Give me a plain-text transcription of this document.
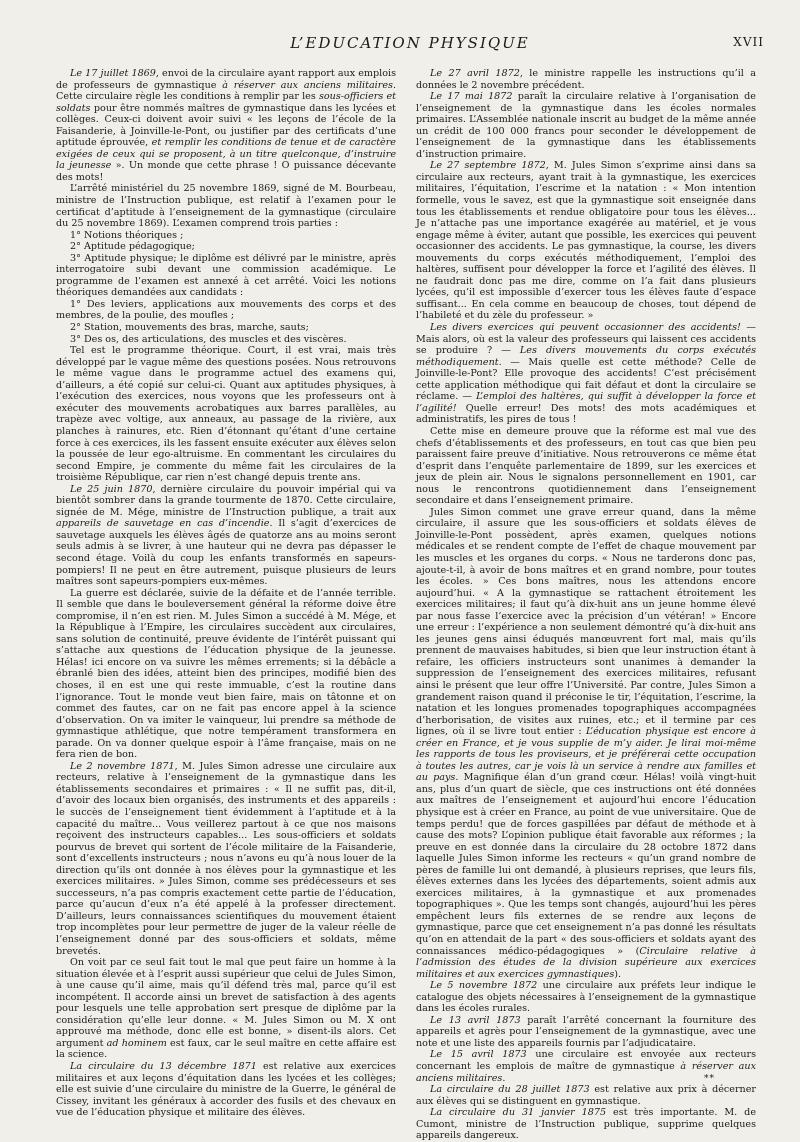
L’EDUCATION PHYSIQUE	XVII

Le 17 juillet 1869, envoi de la circulaire ayant rapport aux emplois de professeurs de gymnastique à réserver aux anciens militaires. Cette circulaire règle les conditions à remplir par les sous-officiers et soldats pour être nommés maîtres de gymnastique dans les lycées et collèges. Ceux-ci doivent avoir suivi « les leçons de l’école de la Faisanderie, à Joinville-le-Pont, ou justifier par des certificats d’une aptitude éprouvée, et remplir les conditions de tenue et de caractère exigées de ceux qui se proposent, à un titre quelconque, d’instruire la jeunesse ». Un monde que cette phrase ! O puissance décevante des mots!

L’arrêté ministériel du 25 novembre 1869, signé de M. Bourbeau, ministre de l’Instruction publique, est relatif à l’examen pour le certificat d’aptitude à l’enseignement de la gymnastique (circulaire du 25 novembre 1869). L’examen comprend trois parties :

1° Notions théoriques ;

2° Aptitude pédagogique;

3° Aptitude physique; le diplôme est délivré par le ministre, après interrogatoire subi devant une commission académique. Le programme de l’examen est annexé à cet arrêté. Voici les notions théoriques demandées aux candidats :

1° Des leviers, applications aux mouvements des corps et des membres, de la poulie, des moufles ;

2° Station, mouvements des bras, marche, sauts;

3° Des os, des articulations, des muscles et des viscères.

Tel est le programme théorique. Court, il est vrai, mais très développé par le vague même des questions posées. Nous retrouvons le même vague dans le programme actuel des examens qui, d’ailleurs, a été copié sur celui-ci. Quant aux aptitudes physiques, à l’exécution des exercices, nous voyons que les professeurs ont à exécuter des mouvements acrobatiques aux barres parallèles, au trapèze avec voltige, aux anneaux, au passage de la rivière, aux planches à rainures, etc. Rien d’étonnant qu’étant d’une certaine force à ces exercices, ils les fassent ensuite exécuter aux élèves selon la poussée de leur ego-altruisme. En commentant les circulaires du second Empire, je commente du même fait les circulaires de la troisième République, car rien n’est changé depuis trente ans.

Le 25 juin 1870, dernière circulaire du pouvoir impérial qui va bientôt sombrer dans la grande tourmente de 1870. Cette circulaire, signée de M. Mége, ministre de l’Instruction publique, a trait aux appareils de sauvetage en cas d’incendie. Il s’agit d’exercices de sauvetage auxquels les élèves âgés de quatorze ans au moins seront seuls admis à se livrer, à une hauteur qui ne devra pas dépasser le second étage. Voilà du coup les enfants transformés en sapeurs-pompiers! Il ne peut en être autrement, puisque plusieurs de leurs maîtres sont sapeurs-pompiers eux-mêmes.

La guerre est déclarée, suivie de la défaite et de l’année terrible. Il semble que dans le bouleversement général la réforme doive être compromise, il n’en est rien. M. Jules Simon a succédé à M. Mége, et la République à l’Empire, les circulaires succèdent aux circulaires, sans solution de continuité, preuve évidente de l’intérêt puissant qui s’attache aux questions de l’éducation physique de la jeunesse. Hélas! ici encore on va suivre les mêmes errements; si la débâcle a ébranlé bien des idées, atteint bien des principes, modifié bien des choses, il en est une qui reste immuable, c’est la routine dans l’ignorance. Tout le monde veut bien faire, mais on tâtonne et on commet des fautes, car on ne fait pas encore appel à la science d’observation. On va imiter le vainqueur, lui prendre sa méthode de gymnastique athlétique, que notre tempérament transformera en parade. On va donner quelque espoir à l’âme française, mais on ne fera rien de bon.

Le 2 novembre 1871, M. Jules Simon adresse une circulaire aux recteurs, relative à l’enseignement de la gymnastique dans les établissements secondaires et primaires : « Il ne suffit pas, dit-il, d’avoir des locaux bien organisés, des instruments et des appareils : le succès de l’enseignement tient évidemment à l’aptitude et à la capacité du maître... Vous veillerez partout à ce que nos maisons reçoivent des instructeurs capables... Les sous-officiers et soldats pourvus de brevet qui sortent de l’école militaire de la Faisanderie, sont d’excellents instructeurs ; nous n’avons eu qu’à nous louer de la direction qu’ils ont donnée à nos élèves pour la gymnastique et les exercices militaires. » Jules Simon, comme ses prédécesseurs et ses successeurs, n’a pas compris exactement cette partie de l’éducation, parce qu’aucun d’eux n’a été appelé à la professer directement. D’ailleurs, leurs connaissances scientifiques du mouvement étaient trop incomplètes pour leur permettre de juger de la valeur réelle de l’enseignement donné par des sous-officiers et soldats, même brevetés.

On voit par ce seul fait tout le mal que peut faire un homme à la situation élevée et à l’esprit aussi supérieur que celui de Jules Simon, à une cause qu’il aime, mais qu’il défend très mal, parce qu’il est incompétent. Il accorde ainsi un brevet de satisfaction à des agents pour lesquels une telle approbation sert presque de diplôme par la considération qu’elle leur donne. « M. Jules Simon ou M. X ont approuvé ma méthode, donc elle est bonne, » disent-ils alors. Cet argument ad hominem est faux, car le seul maître en cette affaire est la science.

La circulaire du 13 décembre 1871 est relative aux exercices militaires et aux leçons d’équitation dans les lycées et les collèges; elle est suivie d’une circulaire du ministre de la Guerre, le général de Cissey, invitant les généraux à accorder des fusils et des chevaux en vue de l’éducation physique et militaire des élèves.

Le 27 avril 1872, le ministre rappelle les instructions qu’il a données le 2 novembre précédent.

Le 17 mai 1872 paraît la circulaire relative à l’organisation de l’enseignement de la gymnastique dans les écoles normales primaires. L’Assemblée nationale inscrit au budget de la même année un crédit de 100 000 francs pour seconder le développement de l’enseignement de la gymnastique dans les établissements d’instruction primaire.

Le 27 septembre 1872, M. Jules Simon s’exprime ainsi dans sa circulaire aux recteurs, ayant trait à la gymnastique, les exercices militaires, l’équitation, l’escrime et la natation : « Mon intention formelle, vous le savez, est que la gymnastique soit enseignée dans tous les établissements et rendue obligatoire pour tous les élèves... Je n’attache pas une importance exagérée au matériel, et je vous engage même à éviter, autant que possible, les exercices qui peuvent occasionner des accidents. Le pas gymnastique, la course, les divers mouvements du corps exécutés méthodiquement, l’emploi des haltères, suffisent pour développer la force et l’agilité des élèves. Il ne faudrait donc pas me dire, comme on l’a fait dans plusieurs lycées, qu’il est impossible d’exercer tous les élèves faute d’espace suffisant... En cela comme en beaucoup de choses, tout dépend de l’habileté et du zèle du professeur. »

Les divers exercices qui peuvent occasionner des accidents! — Mais alors, où est la valeur des professeurs qui laissent ces accidents se produire ? — Les divers mouvements du corps exécutés méthodiquement. — Mais quelle est cette méthode? Celle de Joinville-le-Pont? Elle provoque des accidents! C’est précisément cette application méthodique qui fait défaut et dont la circulaire se réclame. — L’emploi des haltères, qui suffit à développer la force et l’agilité! Quelle erreur! Des mots! des mots académiques et administratifs, les pires de tous !

Cette mise en demeure prouve que la réforme est mal vue des chefs d’établissements et des professeurs, en tout cas que bien peu paraissent faire preuve d’initiative. Nous retrouverons ce même état d’esprit dans l’enquête parlementaire de 1899, sur les exercices et jeux de plein air. Nous le signalons personnellement en 1901, car nous le rencontrons quotidiennement dans l’enseignement secondaire et dans l’enseignement primaire.

Jules Simon commet une grave erreur quand, dans la même circulaire, il assure que les sous-officiers et soldats élèves de Joinville-le-Pont possèdent, après examen, quelques notions médicales et se rendent compte de l’effet de chaque mouvement par les muscles et les organes du corps. « Nous ne tarderons donc pas, ajoute-t-il, à avoir de bons maîtres et en grand nombre, pour toutes les écoles. » Ces bons maîtres, nous les attendons encore aujourd’hui. « A la gymnastique se rattachent étroitement les exercices militaires; il faut qu’à dix-huit ans un jeune homme élevé par nous fasse l’exercice avec la précision d’un vétéran! » Encore une erreur : l’expérience a non seulement démontré qu’à dix-huit ans les jeunes gens ainsi éduqués manœuvrent fort mal, mais qu’ils prennent de mauvaises habitudes, si bien que leur instruction étant à refaire, les officiers instructeurs sont unanimes à demander la suppression de l’enseignement des exercices militaires, refusant ainsi le présent que leur offre l’Université. Par contre, Jules Simon a grandement raison quand il préconise le tir, l’équitation, l’escrime, la natation et les longues promenades topographiques accompagnées d’herborisation, de visites aux ruines, etc.; et il termine par ces lignes, où il se livre tout entier : L’éducation physique est encore à créer en France, et je vous supplie de m’y aider. Je lirai moi-même les rapports de tous les proviseurs, et je préférerai cette occupation à toutes les autres, car je vois là un service à rendre aux familles et au pays. Magnifique élan d’un grand cœur. Hélas! voilà vingt-huit ans, plus d’un quart de siècle, que ces instructions ont été données aux maîtres de l’enseignement et aujourd’hui encore l’éducation physique est à créer en France, au point de vue universitaire. Que de temps perdu! que de forces gaspillées par défaut de méthode et à cause des mots? L’opinion publique était favorable aux réformes ; la preuve en est donnée dans la circulaire du 28 octobre 1872 dans laquelle Jules Simon informe les recteurs « qu’un grand nombre de pères de famille lui ont demandé, à plusieurs reprises, que leurs fils, élèves externes dans les lycées des départements, soient admis aux exercices militaires, à la gymnastique et aux promenades topographiques ». Que les temps sont changés, aujourd’hui les pères empêchent leurs fils externes de se rendre aux leçons de gymnastique, parce que cet enseignement n’a pas donné les résultats qu’on en attendait de la part « des sous-officiers et soldats ayant des connaissances médico-pédagogiques » (Circulaire relative à l’admission des études de la division supérieure aux exercices militaires et aux exercices gymnastiques).

Le 5 novembre 1872 une circulaire aux préfets leur indique le catalogue des objets nécessaires à l’enseignement de la gymnastique dans les écoles rurales.

Le 13 avril 1873 paraît l’arrêté concernant la fourniture des appareils et agrès pour l’enseignement de la gymnastique, avec une note et une liste des appareils fournis par l’adjudicataire.

Le 15 avril 1873 une circulaire est envoyée aux recteurs concernant les emplois de maître de gymnastique à réserver aux anciens militaires.

La circulaire du 28 juillet 1873 est relative aux prix à décerner aux élèves qui se distinguent en gymnastique.

La circulaire du 31 janvier 1875 est très importante. M. de Cumont, ministre de l’Instruction publique, supprime quelques appareils dangereux.

**
